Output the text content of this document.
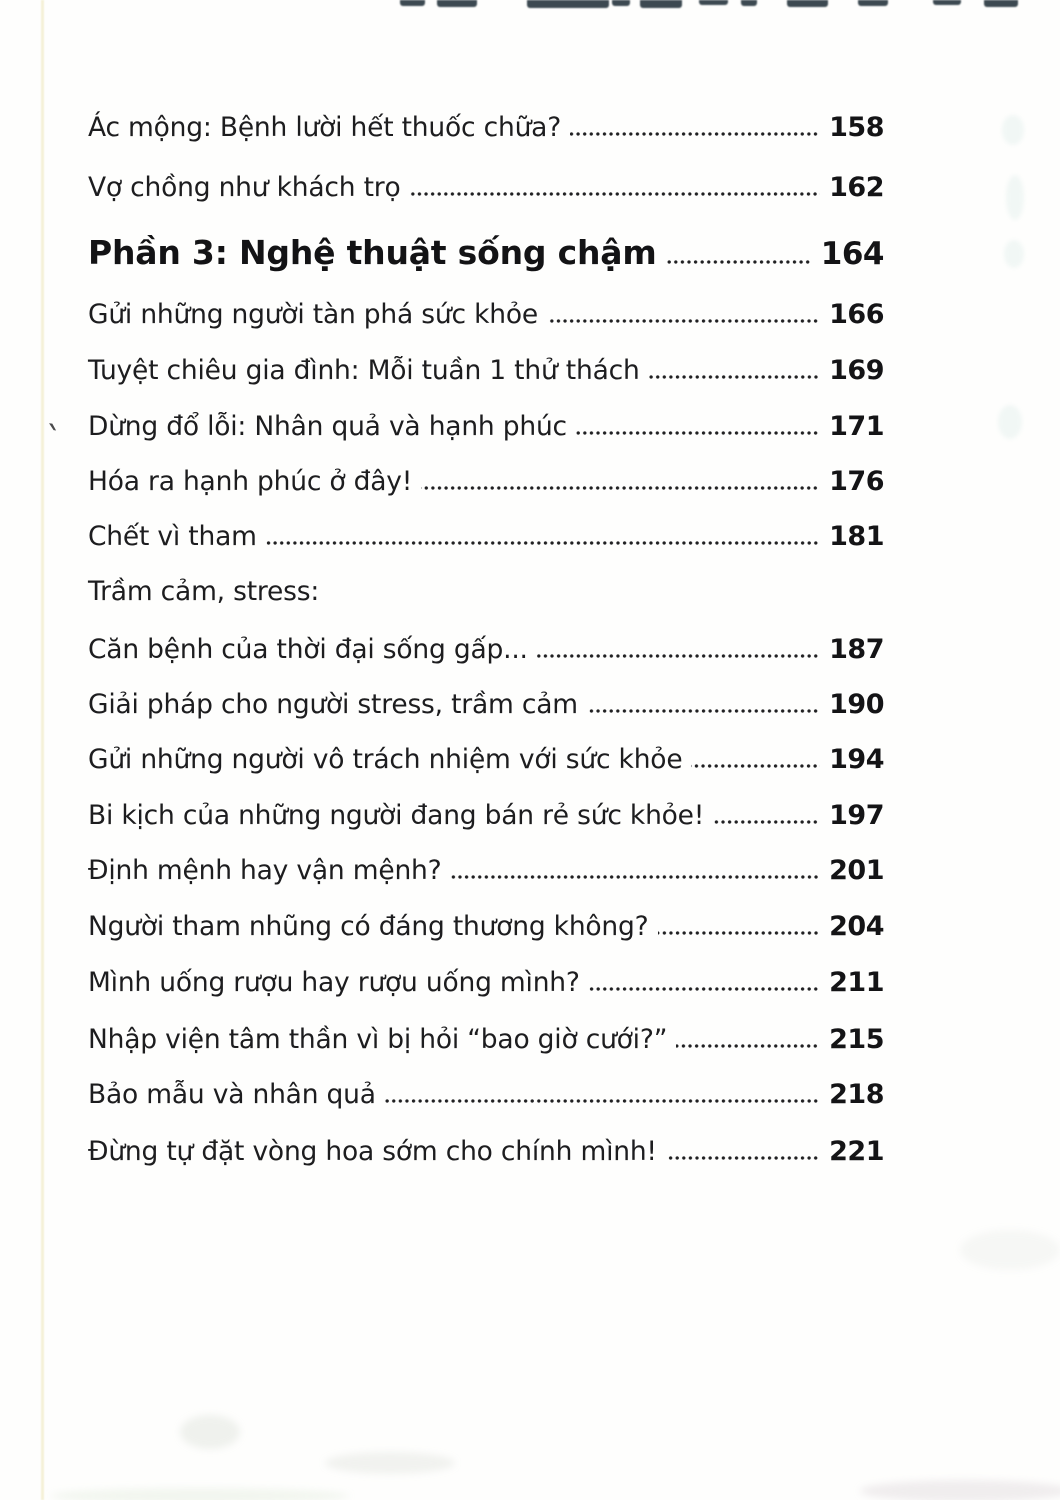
`
Ác mộng: Bệnh lười hết thuốc chữa?	158
Vợ chồng như khách trọ	162
Phần 3: Nghệ thuật sống chậm	164
Gửi những người tàn phá sức khỏe	166
Tuyệt chiêu gia đình: Mỗi tuần 1 thử thách	169
Dừng đổ lỗi: Nhân quả và hạnh phúc	171
Hóa ra hạnh phúc ở đây!	176
Chết vì tham	181
Trầm cảm, stress:
Căn bệnh của thời đại sống gấp...	187
Giải pháp cho người stress, trầm cảm	190
Gửi những người vô trách nhiệm với sức khỏe	194
Bi kịch của những người đang bán rẻ sức khỏe!	197
Định mệnh hay vận mệnh?	201
Người tham nhũng có đáng thương không?	204
Mình uống rượu hay rượu uống mình?	211
Nhập viện tâm thần vì bị hỏi “bao giờ cưới?”	215
Bảo mẫu và nhân quả	218
Đừng tự đặt vòng hoa sớm cho chính mình!	221
